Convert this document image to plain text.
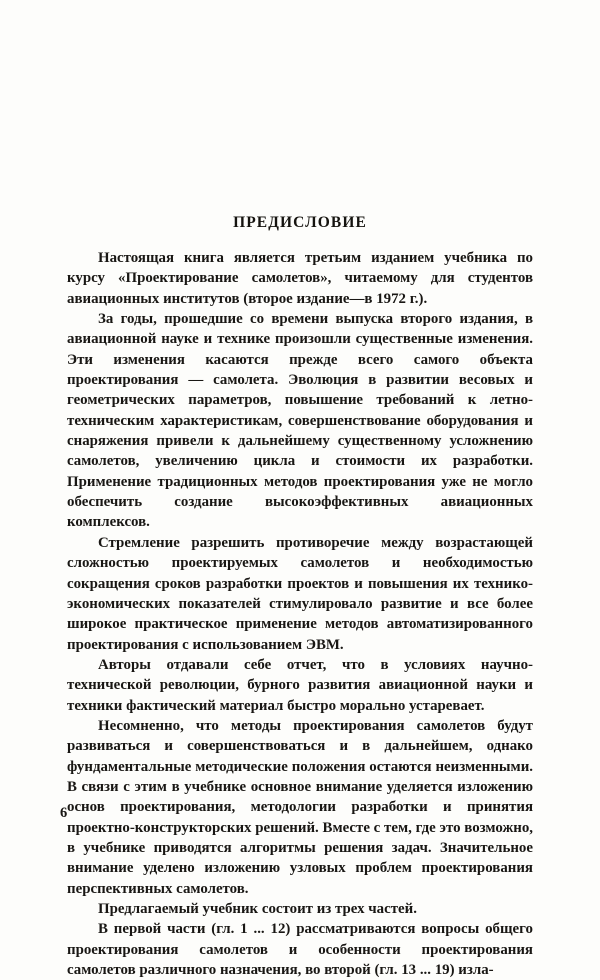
ПРЕДИСЛОВИЕ

Настоящая книга является третьим изданием учебника по курсу «Проектирование самолетов», читаемому для студентов авиационных институтов (второе издание—в 1972 г.).

За годы, прошедшие со времени выпуска второго издания, в авиационной науке и технике произошли существенные изменения. Эти изменения касаются прежде всего самого объекта проектирования — самолета. Эволюция в развитии весовых и геометрических параметров, повышение требований к летно-техническим характеристикам, совершенствование оборудования и снаряжения привели к дальнейшему существенному усложнению самолетов, увеличению цикла и стоимости их разработки. Применение традиционных методов проектирования уже не могло обеспечить создание высокоэффективных авиационных комплексов.

Стремление разрешить противоречие между возрастающей сложностью проектируемых самолетов и необходимостью сокращения сроков разработки проектов и повышения их технико-экономических показателей стимулировало развитие и все более широкое практическое применение методов автоматизированного проектирования с использованием ЭВМ.

Авторы отдавали себе отчет, что в условиях научно-технической революции, бурного развития авиационной науки и техники фактический материал быстро морально устаревает.

Несомненно, что методы проектирования самолетов будут развиваться и совершенствоваться и в дальнейшем, однако фундаментальные методические положения остаются неизменными. В связи с этим в учебнике основное внимание уделяется изложению основ проектирования, методологии разработки и принятия проектно-конструкторских решений. Вместе с тем, где это возможно, в учебнике приводятся алгоритмы решения задач. Значительное внимание уделено изложению узловых проблем проектирования перспективных самолетов.

Предлагаемый учебник состоит из трех частей.

В первой части (гл. 1 ... 12) рассматриваются вопросы общего проектирования самолетов и особенности проектирования самолетов различного назначения, во второй (гл. 13 ... 19) изла-

6
